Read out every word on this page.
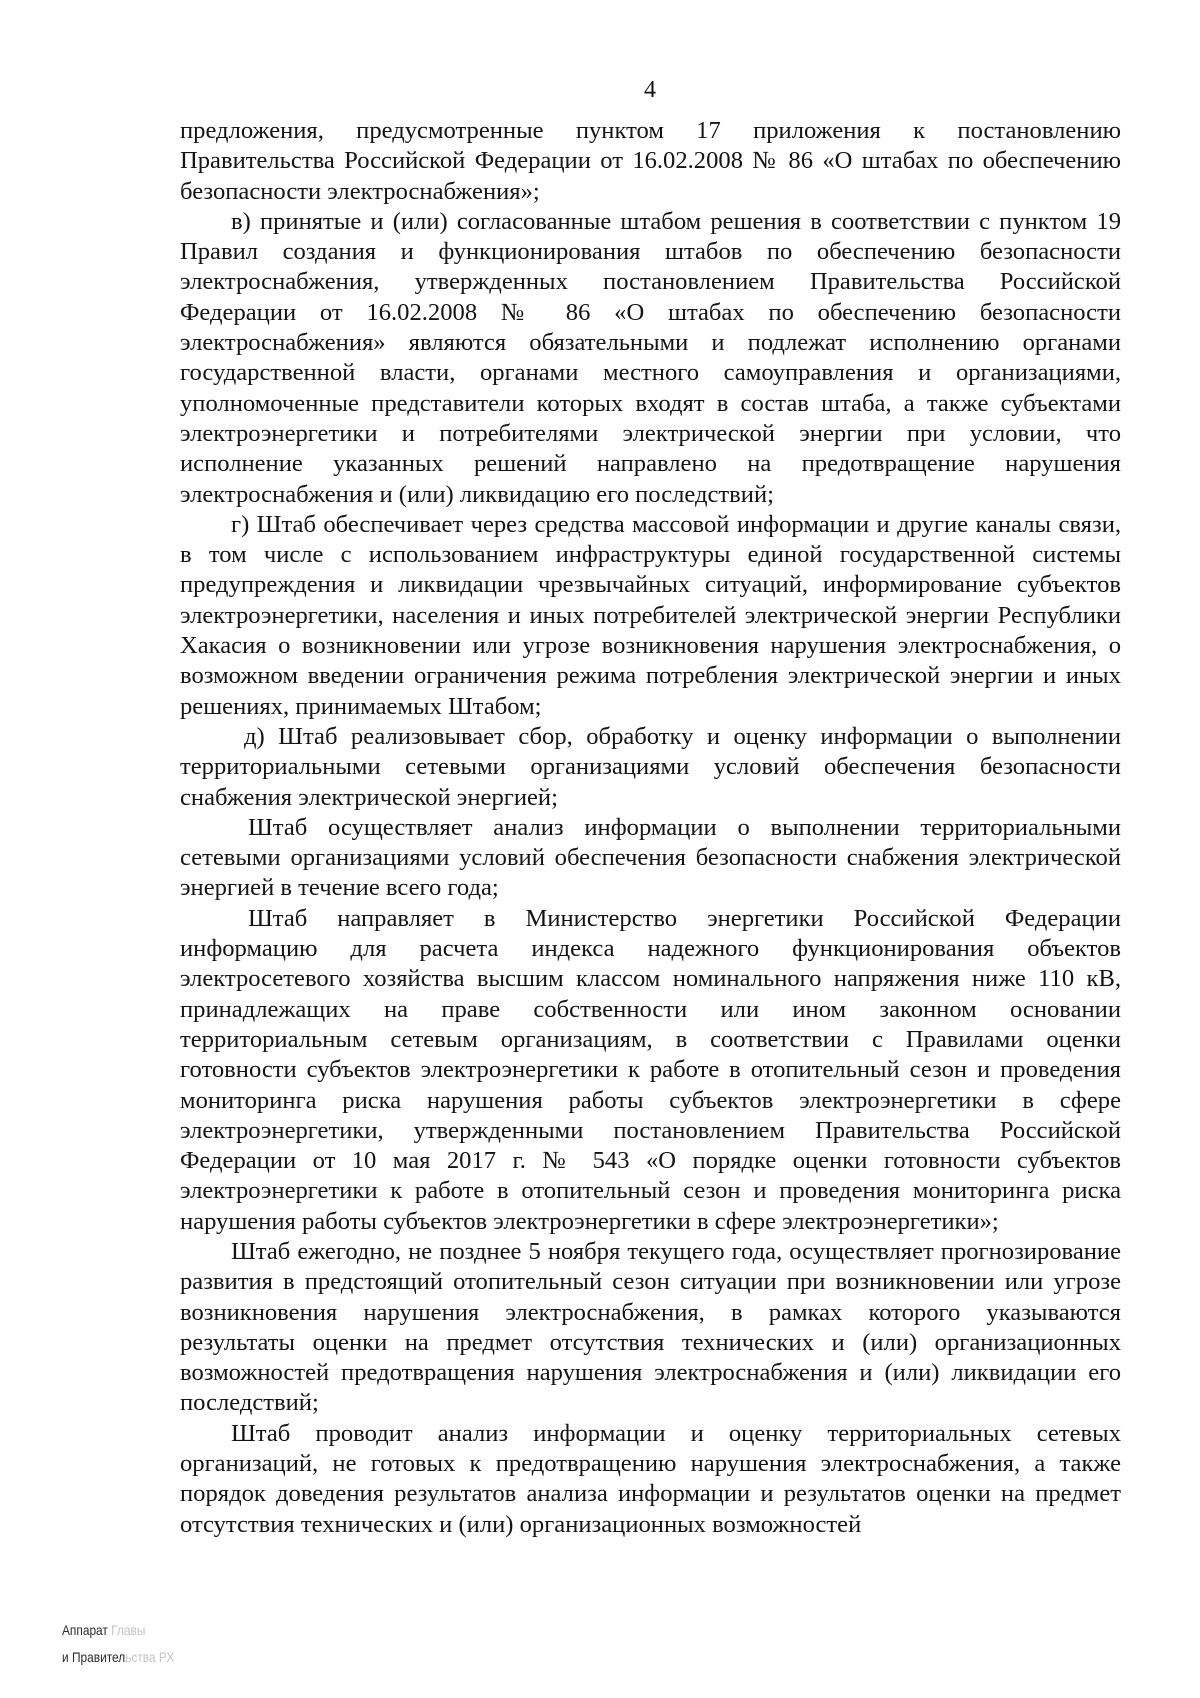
4

предложения, предусмотренные пунктом 17 приложения к постановлению Правительства Российской Федерации от 16.02.2008 № 86 «О штабах по обеспечению безопасности электроснабжения»;

в) принятые и (или) согласованные штабом решения в соответствии с пунктом 19 Правил создания и функционирования штабов по обеспечению безопасности электроснабжения, утвержденных постановлением Правительства Российской Федерации от 16.02.2008 № 86 «О штабах по обеспечению безопасности электроснабжения» являются обязательными и подлежат исполнению органами государственной власти, органами местного самоуправления и организациями, уполномоченные представители которых входят в состав штаба, а также субъектами электроэнергетики и потребителями электрической энергии при условии, что исполнение указанных решений направлено на предотвращение нарушения электроснабжения и (или) ликвидацию его последствий;

г) Штаб обеспечивает через средства массовой информации и другие каналы связи, в том числе с использованием инфраструктуры единой государственной системы предупреждения и ликвидации чрезвычайных ситуаций, информирование субъектов электроэнергетики, населения и иных потребителей электрической энергии Республики Хакасия о возникновении или угрозе возникновения нарушения электроснабжения, о возможном введении ограничения режима потребления электрической энергии и иных решениях, принимаемых Штабом;

д) Штаб реализовывает сбор, обработку и оценку информации о выполнении территориальными сетевыми организациями условий обеспечения безопасности снабжения электрической энергией;

Штаб осуществляет анализ информации о выполнении территориальными сетевыми организациями условий обеспечения безопасности снабжения электрической энергией в течение всего года;

Штаб направляет в Министерство энергетики Российской Федерации информацию для расчета индекса надежного функционирования объектов электросетевого хозяйства высшим классом номинального напряжения ниже 110 кВ, принадлежащих на праве собственности или ином законном основании территориальным сетевым организациям, в соответствии с Правилами оценки готовности субъектов электроэнергетики к работе в отопительный сезон и проведения мониторинга риска нарушения работы субъектов электроэнергетики в сфере электроэнергетики, утвержденными постановлением Правительства Российской Федерации от 10 мая 2017 г. № 543 «О порядке оценки готовности субъектов электроэнергетики к работе в отопительный сезон и проведения мониторинга риска нарушения работы субъектов электроэнергетики в сфере электроэнергетики»;

Штаб ежегодно, не позднее 5 ноября текущего года, осуществляет прогнозирование развития в предстоящий отопительный сезон ситуации при возникновении или угрозе возникновения нарушения электроснабжения, в рамках которого указываются результаты оценки на предмет отсутствия технических и (или) организационных возможностей предотвращения нарушения электроснабжения и (или) ликвидации его последствий;

Штаб проводит анализ информации и оценку территориальных сетевых организаций, не готовых к предотвращению нарушения электроснабжения, а также порядок доведения результатов анализа информации и результатов оценки на предмет отсутствия технических и (или) организационных возможностей

Аппарат Главы
и Правительства РХ
